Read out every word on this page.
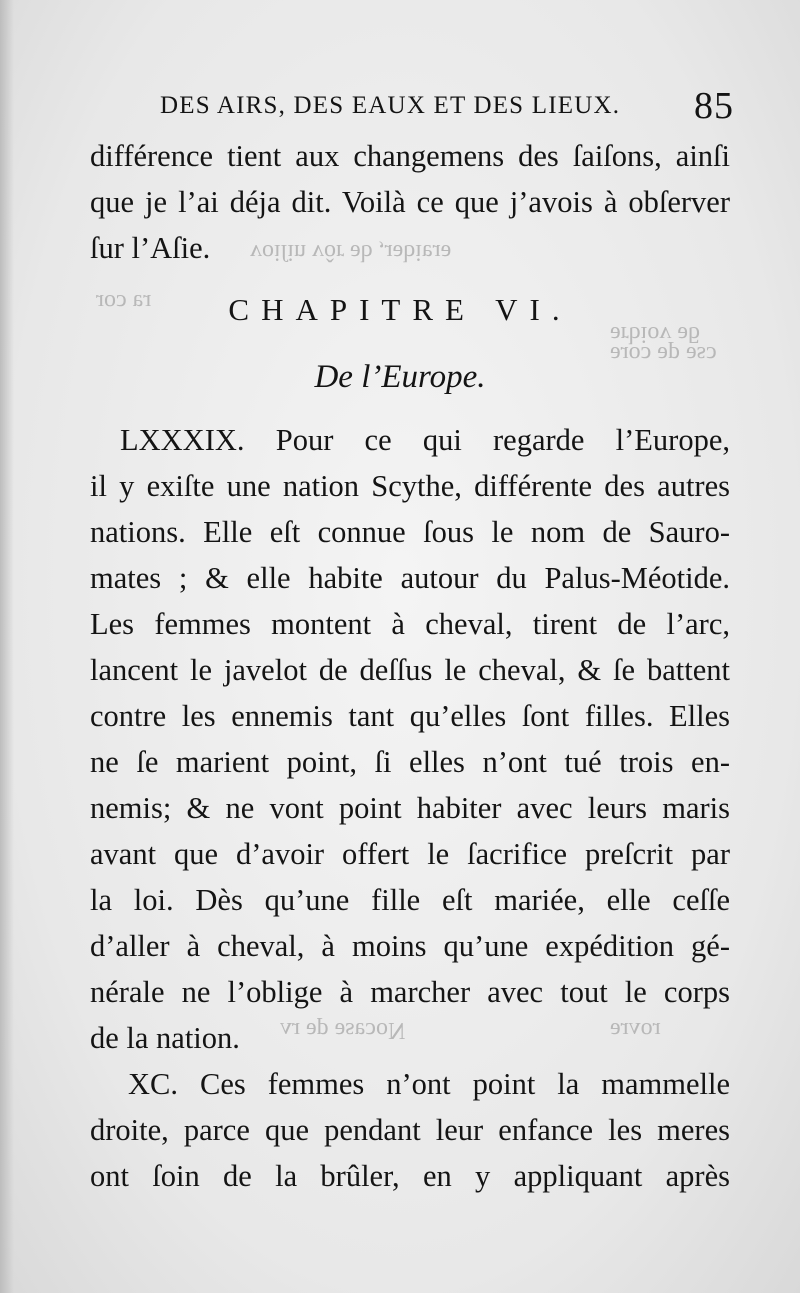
voiſin vôr ǝb ,ɹǝbiɐɹǝ
ɹoɔ ɐɹ
ǝrbiov ǝƃ
ǝɹoɔ ǝp ǝsɔ
ʌɹ ǝp ǝsɐɔoN	ǝɹʌoɹ
DES AIRS, DES EAUX ET DES LIEUX. 85
différence tient aux changemens des ſaiſons, ainſi
que je l’ai déja dit. Voilà ce que j’avois à obſerver
ſur l’Aſie.
CHAPITRE VI.
De l’Europe.
LXXXIX. Pour ce qui regarde l’Europe,
il y exiſte une nation Scythe, différente des autres
nations. Elle eſt connue ſous le nom de Sauro-
mates ; & elle habite autour du Palus-Méotide.
Les femmes montent à cheval, tirent de l’arc,
lancent le javelot de deſſus le cheval, & ſe battent
contre les ennemis tant qu’elles ſont filles. Elles
ne ſe marient point, ſi elles n’ont tué trois en-
nemis; & ne vont point habiter avec leurs maris
avant que d’avoir offert le ſacrifice preſcrit par
la loi. Dès qu’une fille eſt mariée, elle ceſſe
d’aller à cheval, à moins qu’une expédition gé-
nérale ne l’oblige à marcher avec tout le corps
de la nation.
XC. Ces femmes n’ont point la mammelle
droite, parce que pendant leur enfance les meres
ont ſoin de la brûler, en y appliquant après
